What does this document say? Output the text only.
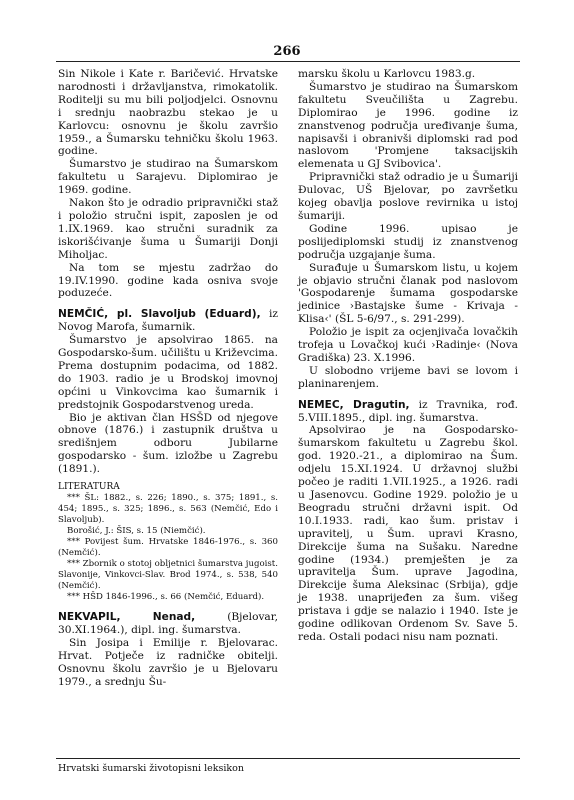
266

Sin Nikole i Kate r. Baričević. Hrvatske narodnosti i državljanstva, rimokatolik. Roditelji su mu bili poljodjelci. Osnovnu i srednju naobrazbu stekao je u Karlovcu: osnovnu je školu završio 1959., a Šumarsku tehničku školu 1963. godine.

Šumarstvo je studirao na Šumarskom fakultetu u Sarajevu. Diplomirao je 1969. godine.

Nakon što je odradio pripravnički staž i položio stručni ispit, zaposlen je od 1.IX.1969. kao stručni suradnik za iskorišćivanje šuma u Šumariji Donji Miholjac.

Na tom se mjestu zadržao do 19.IV.1990. godine kada osniva svoje poduzeće.

NEMČIĆ, pl. Slavoljub (Eduard), iz Novog Marofa, šumarnik.

Šumarstvo je apsolvirao 1865. na Gospodarsko-šum. učilištu u Križevcima. Prema dostupnim podacima, od 1882. do 1903. radio je u Brodskoj imovnoj općini u Vinkovcima kao šumarnik i predstojnik Gospodarstvenog ureda.

Bio je aktivan član HSŠD od njegove obnove (1876.) i zastupnik društva u središnjem odboru Jubilarne gospodarsko - šum. izložbe u Zagrebu (1891.).

LITERATURA

*** ŠL: 1882., s. 226; 1890., s. 375; 1891., s. 454; 1895., s. 325; 1896., s. 563 (Nemčić, Edo i Slavoljub).

Borošić, J.: ŠIS, s. 15 (Niemčić).

*** Povijest šum. Hrvatske 1846-1976., s. 360 (Nemčić).

*** Zbornik o stotoj obljetnici šumarstva jugoist. Slavonije, Vinkovci-Slav. Brod 1974., s. 538, 540 (Nemčić).

*** HŠD 1846-1996., s. 66 (Nemčić, Eduard).

NEKVAPIL, Nenad,	(Bjelovar, 30.XI.1964.), dipl. ing. šumarstva.

Sin Josipa i Emilije r. Bjelovarac. Hrvat. Potječe iz radničke obitelji. Osnovnu školu završio je u Bjelovaru 1979., a srednju Šu-

marsku školu u Karlovcu 1983.g.

Šumarstvo je studirao na Šumarskom fakultetu Sveučilišta u Zagrebu. Diplomirao je 1996. godine iz znanstvenog područja uređivanje šuma, napisavši i obranivši diplomski rad pod naslovom 'Promjene taksacijskih elemenata u GJ Svibovica'.

Pripravnički staž odradio je u Šumariji Đulovac, UŠ Bjelovar, po završetku kojeg obavlja poslove revirnika u istoj šumariji.

Godine 1996. upisao je poslijediplomski studij iz znanstvenog područja uzgajanje šuma.

Surađuje u Šumarskom listu, u kojem je objavio stručni članak pod naslovom 'Gospodarenje šumama gospodarske jedinice ›Bastajske šume - Krivaja - Klisa‹' (ŠL 5-6/97., s. 291-299).

Položio je ispit za ocjenjivača lovačkih trofeja u Lovačkoj kući ›Radinje‹ (Nova Gradiška) 23. X.1996.

U slobodno vrijeme bavi se lovom i planinarenjem.

NEMEC, Dragutin, iz Travnika, rođ. 5.VIII.1895., dipl. ing. šumarstva.

Apsolvirao je na Gospodarsko-šumarskom fakultetu u Zagrebu škol. god. 1920.-21., a diplomirao na Šum. odjelu 15.XI.1924. U državnoj službi počeo je raditi 1.VII.1925., a 1926. radi u Jasenovcu. Godine 1929. položio je u Beogradu stručni državni ispit. Od 10.I.1933. radi, kao šum. pristav i upravitelj, u Šum. upravi Krasno, Direkcije šuma na Sušaku. Naredne godine (1934.) premješten je za upravitelja Šum. uprave Jagodina, Direkcije šuma Aleksinac (Srbija), gdje je 1938. unaprijeđen za šum. višeg pristava i gdje se nalazio i 1940. Iste je godine odlikovan Ordenom Sv. Save 5. reda. Ostali podaci nisu nam poznati.

Hrvatski šumarski životopisni leksikon
